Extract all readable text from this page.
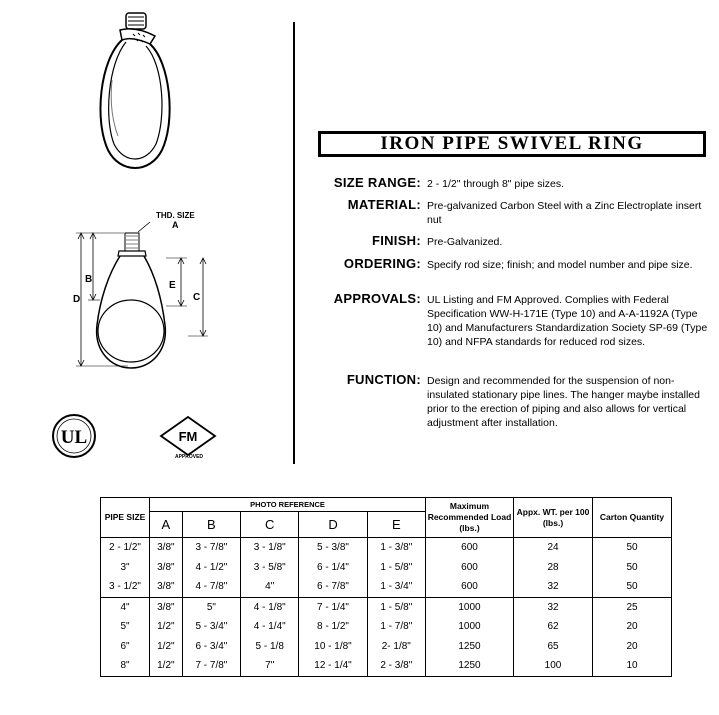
THD. SIZE
A
B
D
E
C
UL	FM
APPROVED
IRON PIPE SWIVEL RING
SIZE RANGE: 2 - 1/2" through 8" pipe sizes.
MATERIAL: Pre-galvanized Carbon Steel with a Zinc Electroplate insert nut
FINISH: Pre-Galvanized.
ORDERING: Specify rod size; finish; and model number and pipe size.
APPROVALS: UL Listing and FM Approved. Complies with Federal Specification WW-H-171E (Type 10) and A-A-1192A (Type 10) and Manufacturers Standardization Society SP-69 (Type 10) and NFPA standards for reduced rod sizes.
FUNCTION: Design and recommended for the suspension of non-insulated stationary pipe lines. The hanger maybe installed prior to the erection of piping and also allows for vertical adjustment after installation.
PIPE SIZE	PHOTO REFERENCE					Maximum Recommended Load (lbs.)	Appx. WT. per 100 (lbs.)	Carton Quantity
	A	B	C	D	E			
2 - 1/2"	3/8"	3 - 7/8"	3 - 1/8"	5 - 3/8"	1 - 3/8"	600	24	50
3"	3/8"	4 - 1/2"	3 - 5/8"	6 - 1/4"	1 - 5/8"	600	28	50
3 - 1/2"	3/8"	4 - 7/8"	4"	6 - 7/8"	1 - 3/4"	600	32	50
4"	3/8"	5"	4 - 1/8"	7 - 1/4"	1 - 5/8"	1000	32	25
5"	1/2"	5 - 3/4"	4 - 1/4"	8 - 1/2"	1 - 7/8"	1000	62	20
6"	1/2"	6 - 3/4"	5 - 1/8	10 - 1/8"	2- 1/8"	1250	65	20
8"	1/2"	7 - 7/8"	7"	12 - 1/4"	2 - 3/8"	1250	100	10
